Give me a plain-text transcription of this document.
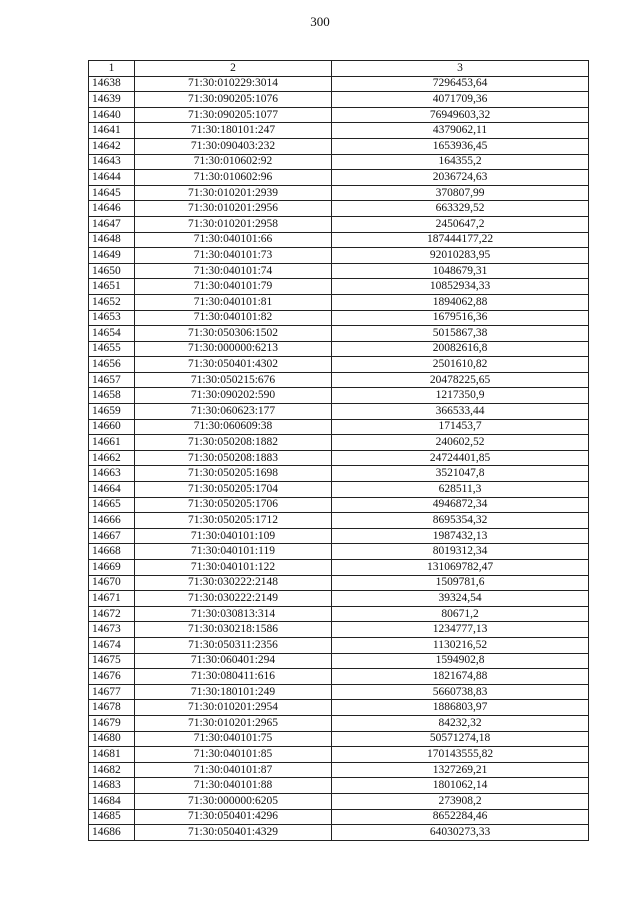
300
1	2	3
14638	71:30:010229:3014	7296453,64
14639	71:30:090205:1076	4071709,36
14640	71:30:090205:1077	76949603,32
14641	71:30:180101:247	4379062,11
14642	71:30:090403:232	1653936,45
14643	71:30:010602:92	164355,2
14644	71:30:010602:96	2036724,63
14645	71:30:010201:2939	370807,99
14646	71:30:010201:2956	663329,52
14647	71:30:010201:2958	2450647,2
14648	71:30:040101:66	187444177,22
14649	71:30:040101:73	92010283,95
14650	71:30:040101:74	1048679,31
14651	71:30:040101:79	10852934,33
14652	71:30:040101:81	1894062,88
14653	71:30:040101:82	1679516,36
14654	71:30:050306:1502	5015867,38
14655	71:30:000000:6213	20082616,8
14656	71:30:050401:4302	2501610,82
14657	71:30:050215:676	20478225,65
14658	71:30:090202:590	1217350,9
14659	71:30:060623:177	366533,44
14660	71:30:060609:38	171453,7
14661	71:30:050208:1882	240602,52
14662	71:30:050208:1883	24724401,85
14663	71:30:050205:1698	3521047,8
14664	71:30:050205:1704	628511,3
14665	71:30:050205:1706	4946872,34
14666	71:30:050205:1712	8695354,32
14667	71:30:040101:109	1987432,13
14668	71:30:040101:119	8019312,34
14669	71:30:040101:122	131069782,47
14670	71:30:030222:2148	1509781,6
14671	71:30:030222:2149	39324,54
14672	71:30:030813:314	80671,2
14673	71:30:030218:1586	1234777,13
14674	71:30:050311:2356	1130216,52
14675	71:30:060401:294	1594902,8
14676	71:30:080411:616	1821674,88
14677	71:30:180101:249	5660738,83
14678	71:30:010201:2954	1886803,97
14679	71:30:010201:2965	84232,32
14680	71:30:040101:75	50571274,18
14681	71:30:040101:85	170143555,82
14682	71:30:040101:87	1327269,21
14683	71:30:040101:88	1801062,14
14684	71:30:000000:6205	273908,2
14685	71:30:050401:4296	8652284,46
14686	71:30:050401:4329	64030273,33
